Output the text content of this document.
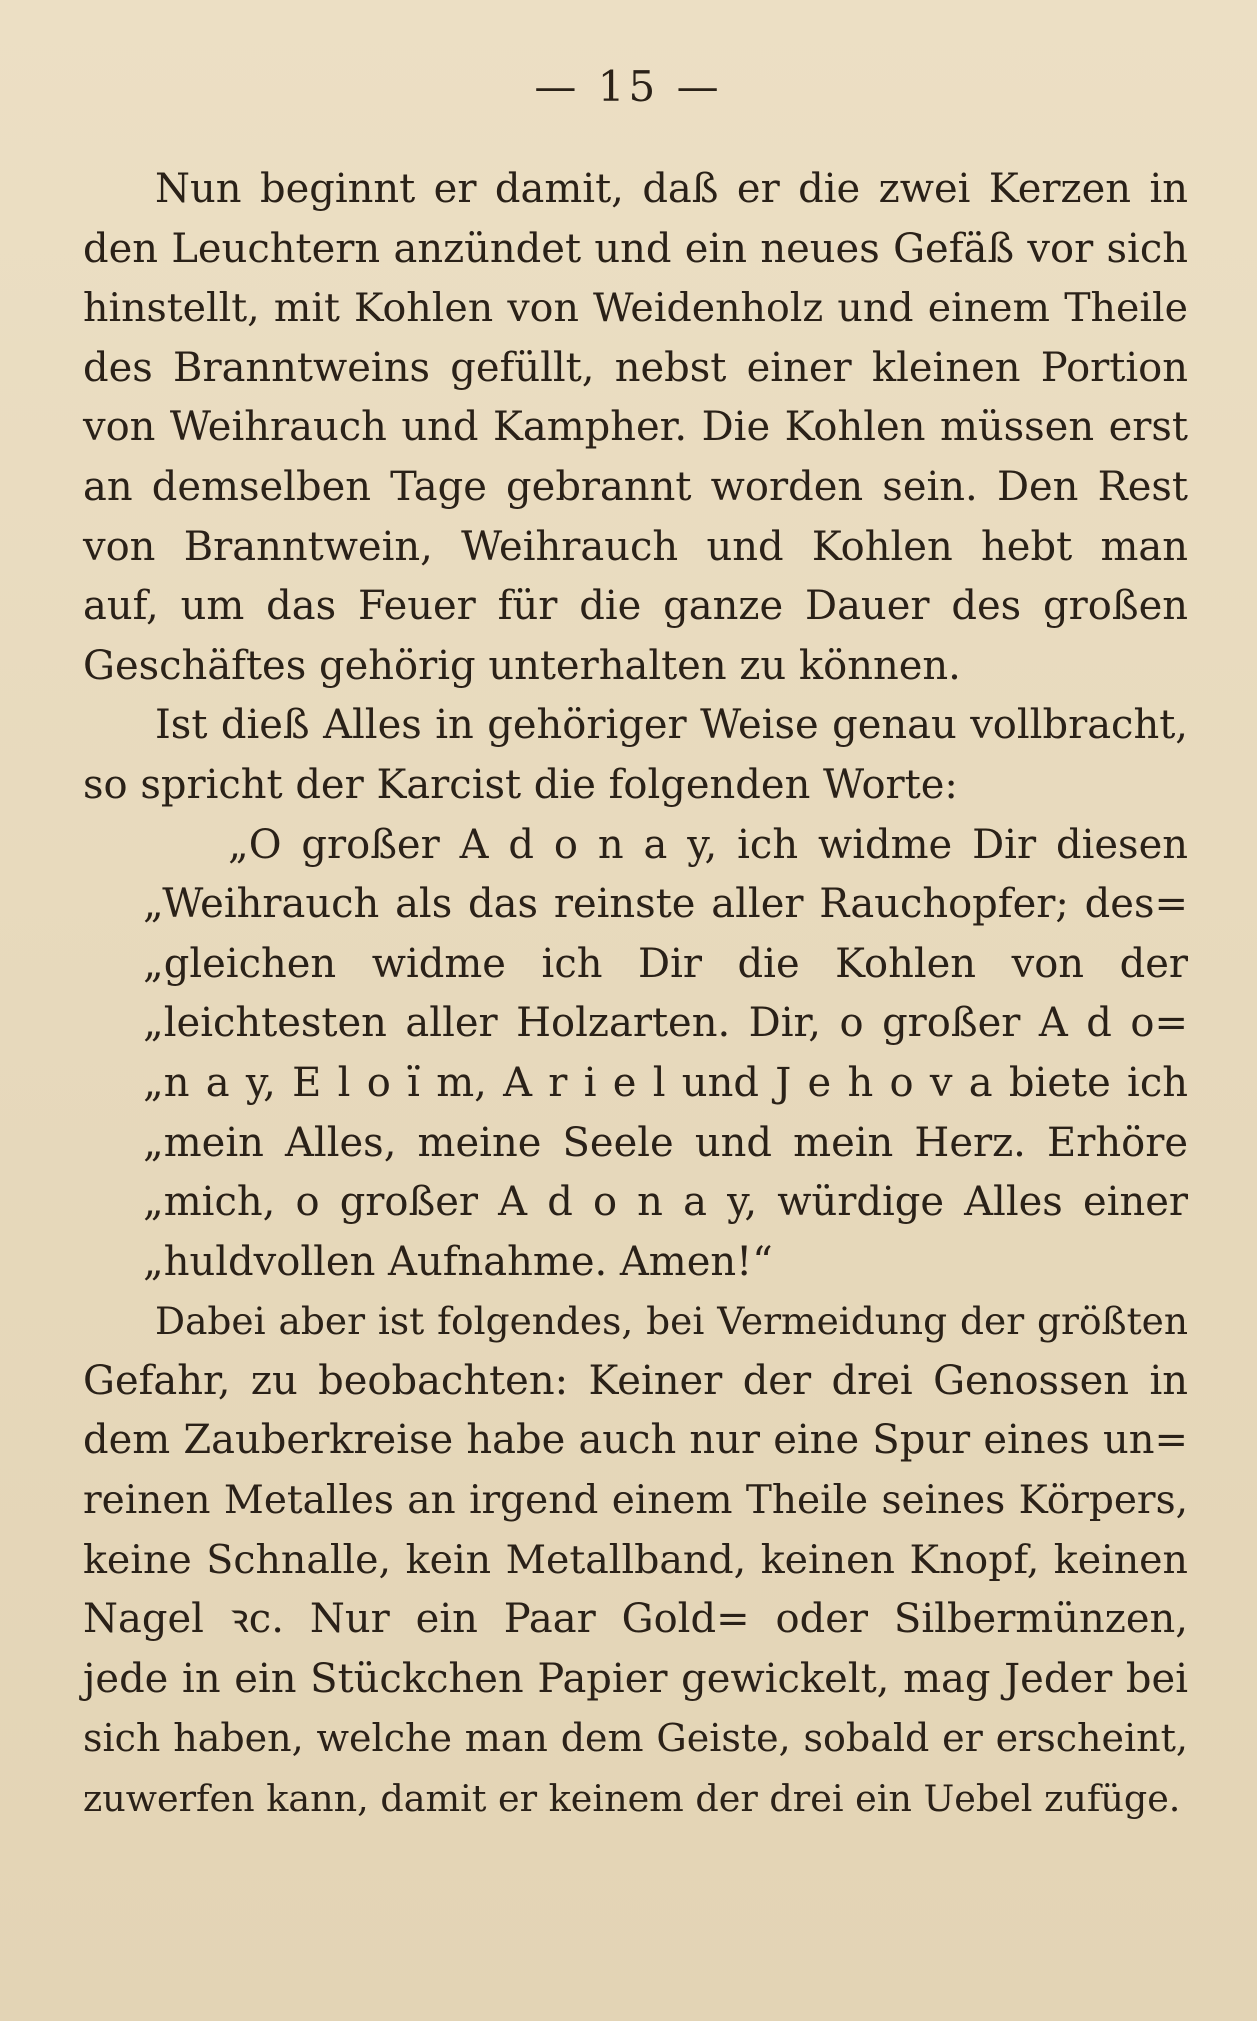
— 15 —

Nun beginnt er damit, daß er die zwei Kerzen in
den Leuchtern anzündet und ein neues Gefäß vor sich
hinstellt, mit Kohlen von Weidenholz und einem Theile
des Branntweins gefüllt, nebst einer kleinen Portion
von Weihrauch und Kampher. Die Kohlen müssen erst
an demselben Tage gebrannt worden sein. Den Rest
von Branntwein, Weihrauch und Kohlen hebt man
auf, um das Feuer für die ganze Dauer des großen
Geschäftes gehörig unterhalten zu können.

Ist dieß Alles in gehöriger Weise genau vollbracht,
so spricht der Karcist die folgenden Worte:

„O großer A d o n a y, ich widme Dir diesen
„Weihrauch als das reinste aller Rauchopfer; des=
„gleichen widme ich Dir die Kohlen von der
„leichtesten aller Holzarten. Dir, o großer A d o=
„n a y, E l o ï m, A r i e l und J e h o v a biete ich
„mein Alles, meine Seele und mein Herz. Erhöre
„mich, o großer A d o n a y, würdige Alles einer
„huldvollen Aufnahme. Amen!“

Dabei aber ist folgendes, bei Vermeidung der größten
Gefahr, zu beobachten: Keiner der drei Genossen in
dem Zauberkreise habe auch nur eine Spur eines un=
reinen Metalles an irgend einem Theile seines Körpers,
keine Schnalle, kein Metallband, keinen Knopf, keinen
Nagel ꝛc. Nur ein Paar Gold= oder Silbermünzen,
jede in ein Stückchen Papier gewickelt, mag Jeder bei
sich haben, welche man dem Geiste, sobald er erscheint,
zuwerfen kann, damit er keinem der drei ein Uebel zufüge.
